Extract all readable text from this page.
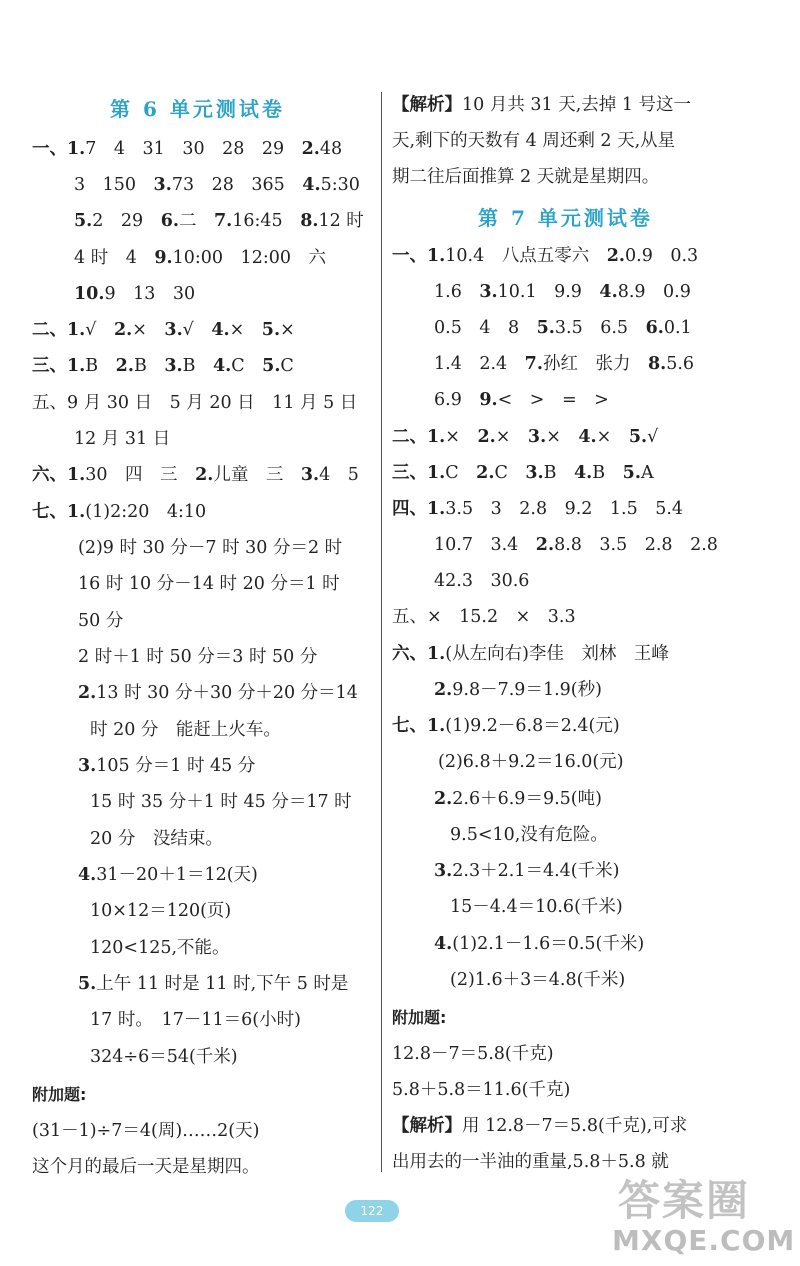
第 6 单元测试卷
一、1.7　4　31　30　28　29　2.48
3　150　3.73　28　365　4.5:30
5.2　29　6.二　7.16:45　8.12 时
4 时　4　9.10:00　12:00　六
10.9　13　30
二、1.√　2.×　3.√　4.×　5.×
三、1.B　2.B　3.B　4.C　5.C
五、9 月 30 日　5 月 20 日　11 月 5 日
12 月 31 日
六、1.30　四　三　2.儿童　三　3.4　5
七、1.(1)2:20　4:10
(2)9 时 30 分－7 时 30 分＝2 时
16 时 10 分－14 时 20 分＝1 时
50 分
2 时＋1 时 50 分＝3 时 50 分
2.13 时 30 分＋30 分＋20 分＝14
时 20 分　能赶上火车。
3.105 分＝1 时 45 分
15 时 35 分＋1 时 45 分＝17 时
20 分　没结束。
4.31－20＋1＝12(天)
10×12＝120(页)
120<125,不能。
5.上午 11 时是 11 时,下午 5 时是
17 时。　17－11＝6(小时)
324÷6＝54(千米)
附加题:
(31－1)÷7＝4(周)……2(天)
这个月的最后一天是星期四。
【解析】10 月共 31 天,去掉 1 号这一
天,剩下的天数有 4 周还剩 2 天,从星
期二往后面推算 2 天就是星期四。
第 7 单元测试卷
一、1.10.4　八点五零六　2.0.9　0.3
1.6　3.10.1　9.9　4.8.9　0.9
0.5　4　8　5.3.5　6.5　6.0.1
1.4　2.4　7.孙红　张力　8.5.6
6.9　9.<　>　=　>
二、1.×　2.×　3.×　4.×　5.√
三、1.C　2.C　3.B　4.B　5.A
四、1.3.5　3　2.8　9.2　1.5　5.4
10.7　3.4　2.8.8　3.5　2.8　2.8
42.3　30.6
五、×　15.2　×　3.3
六、1.(从左向右)李佳　刘林　王峰
2.9.8－7.9＝1.9(秒)
七、1.(1)9.2－6.8＝2.4(元)
(2)6.8＋9.2＝16.0(元)
2.2.6＋6.9＝9.5(吨)
9.5<10,没有危险。
3.2.3＋2.1＝4.4(千米)
15－4.4＝10.6(千米)
4.(1)2.1－1.6＝0.5(千米)
(2)1.6＋3＝4.8(千米)
附加题:
12.8－7＝5.8(千克)
5.8＋5.8＝11.6(千克)
【解析】用 12.8－7＝5.8(千克),可求
出用去的一半油的重量,5.8＋5.8 就
122	答案圈
MXQE.COM
